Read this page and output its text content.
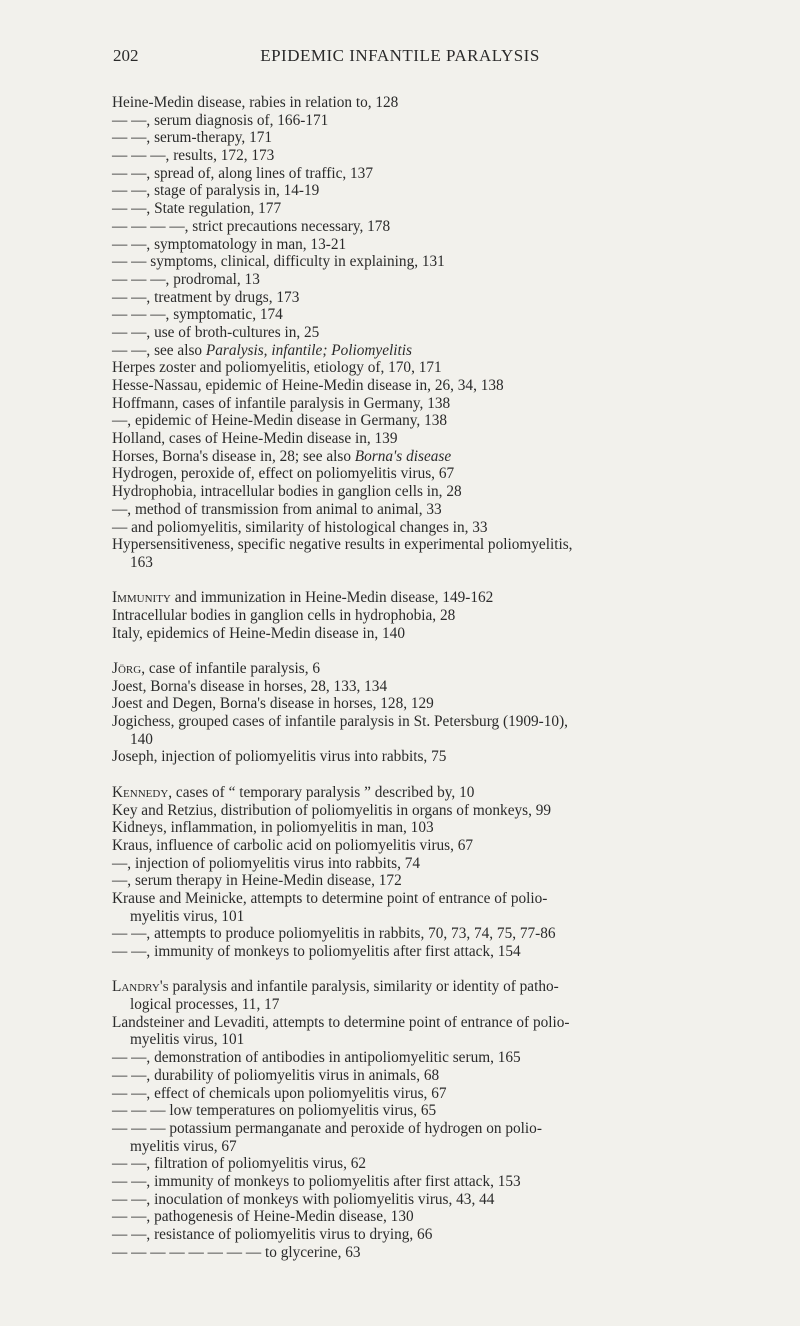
202	EPIDEMIC INFANTILE PARALYSIS
Heine-Medin disease, rabies in relation to, 128
— —, serum diagnosis of, 166-171
— —, serum-therapy, 171
— — —, results, 172, 173
— —, spread of, along lines of traffic, 137
— —, stage of paralysis in, 14-19
— —, State regulation, 177
— — — —, strict precautions necessary, 178
— —, symptomatology in man, 13-21
— — symptoms, clinical, difficulty in explaining, 131
— — —, prodromal, 13
— —, treatment by drugs, 173
— — —, symptomatic, 174
— —, use of broth-cultures in, 25
— —, see also Paralysis, infantile; Poliomyelitis
Herpes zoster and poliomyelitis, etiology of, 170, 171
Hesse-Nassau, epidemic of Heine-Medin disease in, 26, 34, 138
Hoffmann, cases of infantile paralysis in Germany, 138
—, epidemic of Heine-Medin disease in Germany, 138
Holland, cases of Heine-Medin disease in, 139
Horses, Borna's disease in, 28; see also Borna's disease
Hydrogen, peroxide of, effect on poliomyelitis virus, 67
Hydrophobia, intracellular bodies in ganglion cells in, 28
—, method of transmission from animal to animal, 33
— and poliomyelitis, similarity of histological changes in, 33
Hypersensitiveness, specific negative results in experimental poliomyelitis,
163
Immunity and immunization in Heine-Medin disease, 149-162
Intracellular bodies in ganglion cells in hydrophobia, 28
Italy, epidemics of Heine-Medin disease in, 140
Jörg, case of infantile paralysis, 6
Joest, Borna's disease in horses, 28, 133, 134
Joest and Degen, Borna's disease in horses, 128, 129
Jogichess, grouped cases of infantile paralysis in St. Petersburg (1909-10),
140
Joseph, injection of poliomyelitis virus into rabbits, 75
Kennedy, cases of “ temporary paralysis ” described by, 10
Key and Retzius, distribution of poliomyelitis in organs of monkeys, 99
Kidneys, inflammation, in poliomyelitis in man, 103
Kraus, influence of carbolic acid on poliomyelitis virus, 67
—, injection of poliomyelitis virus into rabbits, 74
—, serum therapy in Heine-Medin disease, 172
Krause and Meinicke, attempts to determine point of entrance of polio-
myelitis virus, 101
— —, attempts to produce poliomyelitis in rabbits, 70, 73, 74, 75, 77-86
— —, immunity of monkeys to poliomyelitis after first attack, 154
Landry's paralysis and infantile paralysis, similarity or identity of patho-
logical processes, 11, 17
Landsteiner and Levaditi, attempts to determine point of entrance of polio-
myelitis virus, 101
— —, demonstration of antibodies in antipoliomyelitic serum, 165
— —, durability of poliomyelitis virus in animals, 68
— —, effect of chemicals upon poliomyelitis virus, 67
— — — low temperatures on poliomyelitis virus, 65
— — — potassium permanganate and peroxide of hydrogen on polio-
myelitis virus, 67
— —, filtration of poliomyelitis virus, 62
— —, immunity of monkeys to poliomyelitis after first attack, 153
— —, inoculation of monkeys with poliomyelitis virus, 43, 44
— —, pathogenesis of Heine-Medin disease, 130
— —, resistance of poliomyelitis virus to drying, 66
— — — — — — — — to glycerine, 63
